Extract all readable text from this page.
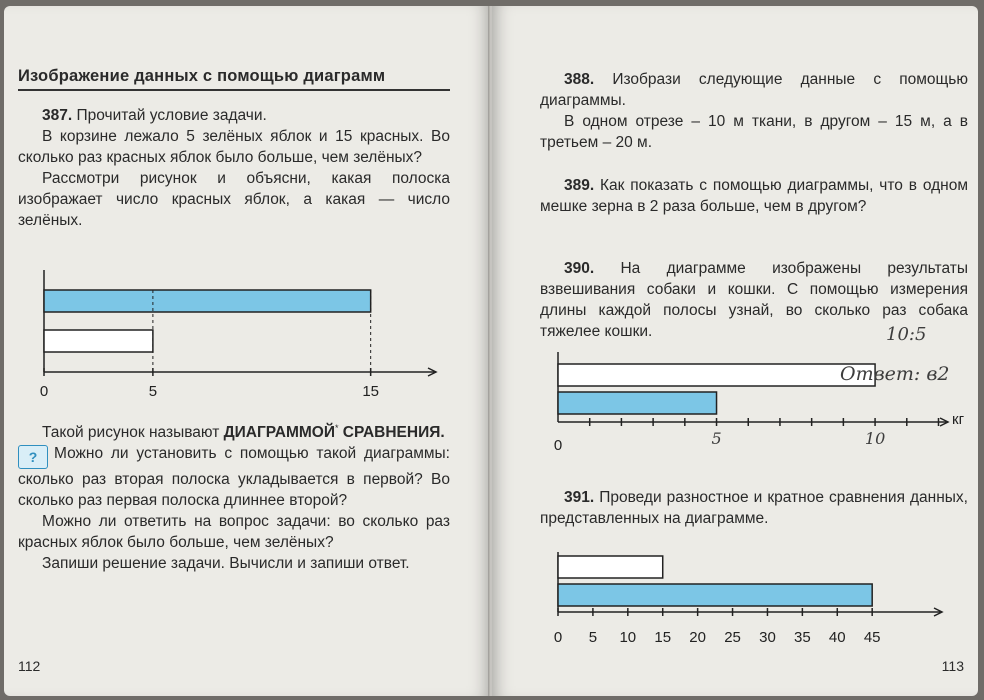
Изображение данных с помощью диаграмм

387. Прочитай условие задачи.

В корзине лежало 5 зелёных яблок и 15 красных. Во сколько раз красных яблок было больше, чем зелёных?

Рассмотри рисунок и объясни, какая полоска изображает число красных яблок, а какая — число зелёных.

0	5	15

Такой рисунок называют ДИАГРАММОЙ* СРАВНЕНИЯ.

? Можно ли установить с помощью такой диаграммы: сколько раз вторая полоска укладывается в первой? Во сколько раз первая полоска длиннее второй?

Можно ли ответить на вопрос задачи: во сколько раз красных яблок было больше, чем зелёных?

Запиши решение задачи. Вычисли и запиши ответ.

112

388. Изобрази следующие данные с помощью диаграммы.

В одном отрезе – 10 м ткани, в другом – 15 м, а в третьем – 20 м.

389. Как показать с помощью диаграммы, что в одном мешке зерна в 2 раза больше, чем в другом?

390. На диаграмме изображены результаты взвешивания собаки и кошки. С помощью измерения длины каждой полосы узнай, во сколько раз собака тяжелее кошки.

кг
0	5	10
10:5
Ответ: в2

391. Проведи разностное и кратное сравнения данных, представленных на диаграмме.

0 5 10 15 20 25 30 35 40 45
113
